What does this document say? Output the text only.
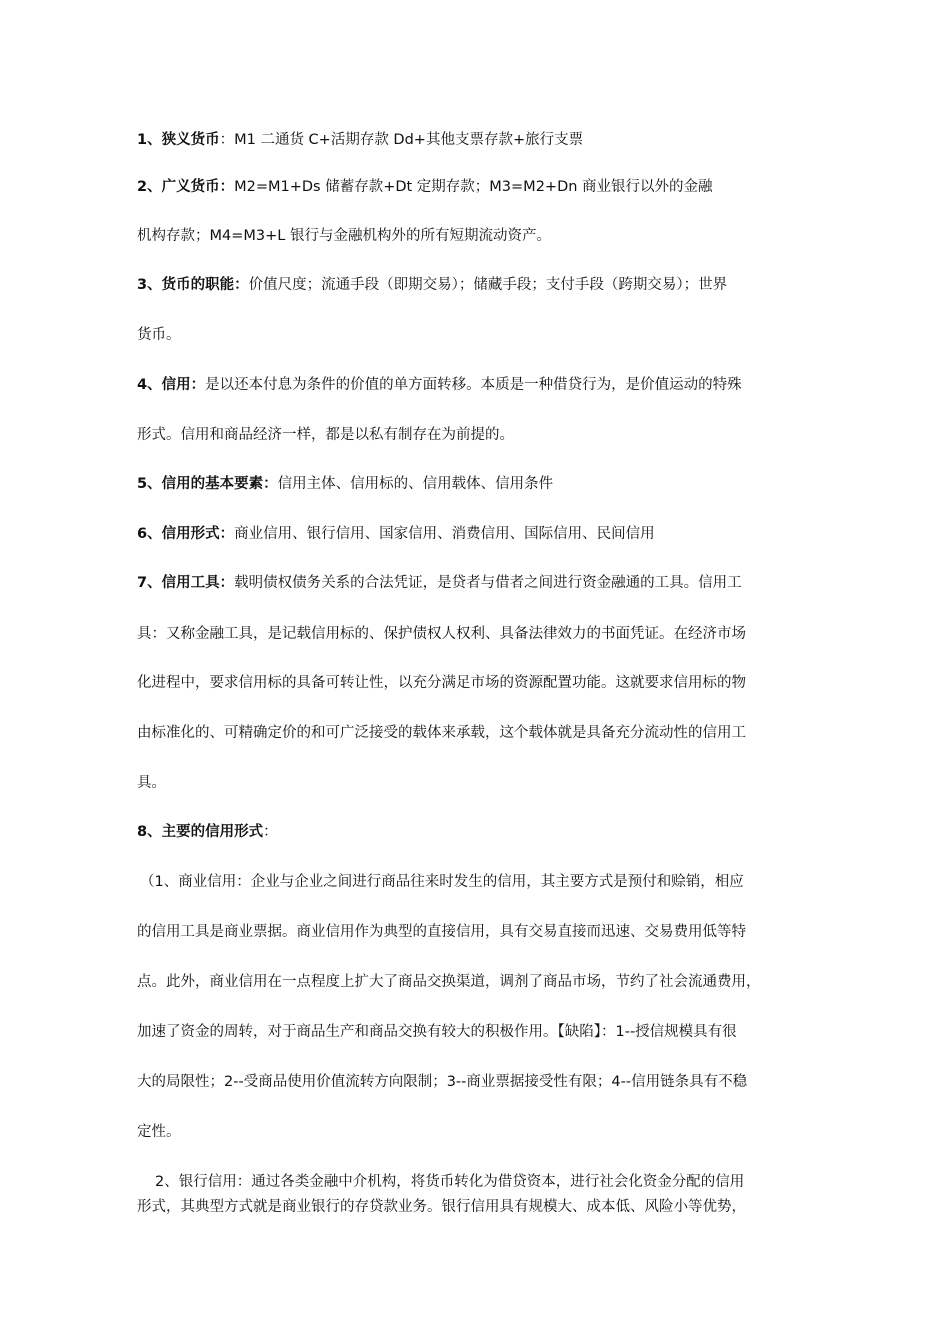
1、狭义货币：M1 二通货 C+活期存款 Dd+其他支票存款+旅行支票

2、广义货币：M2=M1+Ds 储蓄存款+Dt 定期存款；M3=M2+Dn 商业银行以外的金融

机构存款；M4=M3+L 银行与金融机构外的所有短期流动资产。

3、货币的职能：价值尺度；流通手段（即期交易）；储藏手段；支付手段（跨期交易）；世界

货币。

4、信用：是以还本付息为条件的价值的单方面转移。本质是一种借贷行为，是价值运动的特殊

形式。信用和商品经济一样，都是以私有制存在为前提的。

5、信用的基本要素：信用主体、信用标的、信用载体、信用条件

6、信用形式：商业信用、银行信用、国家信用、消费信用、国际信用、民间信用

7、信用工具：载明债权债务关系的合法凭证，是贷者与借者之间进行资金融通的工具。信用工

具：又称金融工具，是记载信用标的、保护债权人权利、具备法律效力的书面凭证。在经济市场

化进程中，要求信用标的具备可转让性，以充分满足市场的资源配置功能。这就要求信用标的物

由标准化的、可精确定价的和可广泛接受的载体来承载，这个载体就是具备充分流动性的信用工

具。

8、主要的信用形式：

（1、商业信用：企业与企业之间进行商品往来时发生的信用，其主要方式是预付和赊销，相应

的信用工具是商业票据。商业信用作为典型的直接信用，具有交易直接而迅速、交易费用低等特

点。此外，商业信用在一点程度上扩大了商品交换渠道，调剂了商品市场，节约了社会流通费用，

加速了资金的周转，对于商品生产和商品交换有较大的积极作用。【缺陷】：1--授信规模具有很

大的局限性；2--受商品使用价值流转方向限制；3--商业票据接受性有限；4--信用链条具有不稳

定性。

2、银行信用：通过各类金融中介机构，将货币转化为借贷资本，进行社会化资金分配的信用

形式，其典型方式就是商业银行的存贷款业务。银行信用具有规模大、成本低、风险小等优势，
